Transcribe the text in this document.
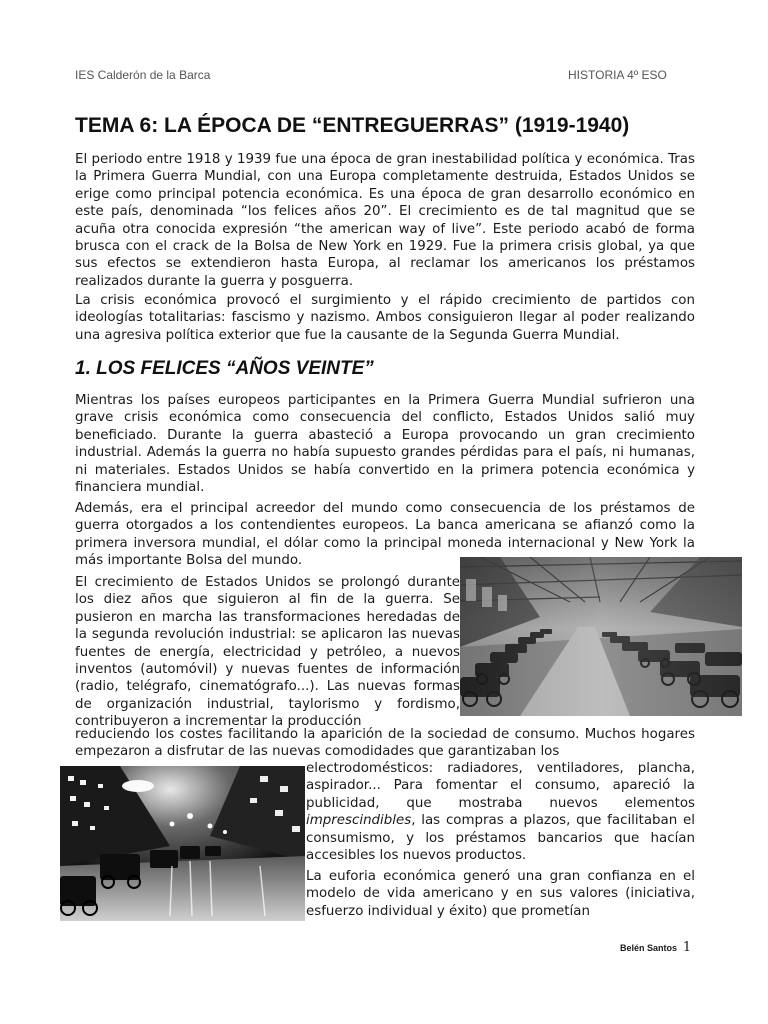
IES Calderón de la Barca	HISTORIA 4º ESO
TEMA 6: LA ÉPOCA DE “ENTREGUERRAS” (1919-1940)

El periodo entre 1918 y 1939 fue una época de gran inestabilidad política y económica. Tras la Primera Guerra Mundial, con una Europa completamente destruida, Estados Unidos se erige como principal potencia económica. Es una época de gran desarrollo económico en este país, denominada “los felices años 20”. El crecimiento es de tal magnitud que se acuña otra conocida expresión “the american way of live”. Este periodo acabó de forma brusca con el crack de la Bolsa de New York en 1929. Fue la primera crisis global, ya que sus efectos se extendieron hasta Europa, al reclamar los americanos los préstamos realizados durante la guerra y posguerra.

La crisis económica provocó el surgimiento y el rápido crecimiento de partidos con ideologías totalitarias: fascismo y nazismo. Ambos consiguieron llegar al poder realizando una agresiva política exterior que fue la causante de la Segunda Guerra Mundial.

1. LOS FELICES “AÑOS VEINTE”

Mientras los países europeos participantes en la Primera Guerra Mundial sufrieron una grave crisis económica como consecuencia del conflicto, Estados Unidos salió muy beneficiado. Durante la guerra abasteció a Europa provocando un gran crecimiento industrial. Además la guerra no había supuesto grandes pérdidas para el país, ni humanas, ni materiales. Estados Unidos se había convertido en la primera potencia económica y financiera mundial.

Además, era el principal acreedor del mundo como consecuencia de los préstamos de guerra otorgados a los contendientes europeos. La banca americana se afianzó como la primera inversora mundial, el dólar como la principal moneda internacional y New York la más importante Bolsa del mundo.

El crecimiento de Estados Unidos se prolongó durante los diez años que siguieron al fin de la guerra. Se pusieron en marcha las transformaciones heredadas de la segunda revolución industrial: se aplicaron las nuevas fuentes de energía, electricidad y petróleo, a nuevos inventos (automóvil) y nuevas fuentes de información (radio, telégrafo, cinematógrafo...). Las nuevas formas de organización industrial, taylorismo y fordismo, contribuyeron a incrementar la producción

reduciendo los costes facilitando la aparición de la sociedad de consumo. Muchos hogares empezaron a disfrutar de las nuevas comodidades que garantizaban los

electrodomésticos: radiadores, ventiladores, plancha, aspirador... Para fomentar el consumo, apareció la publicidad, que mostraba nuevos elementos imprescindibles, las compras a plazos, que facilitaban el consumismo, y los préstamos bancarios que hacían accesibles los nuevos productos.

La euforia económica generó una gran confianza en el modelo de vida americano y en sus valores (iniciativa, esfuerzo individual y éxito) que prometían

Belén Santos 1
